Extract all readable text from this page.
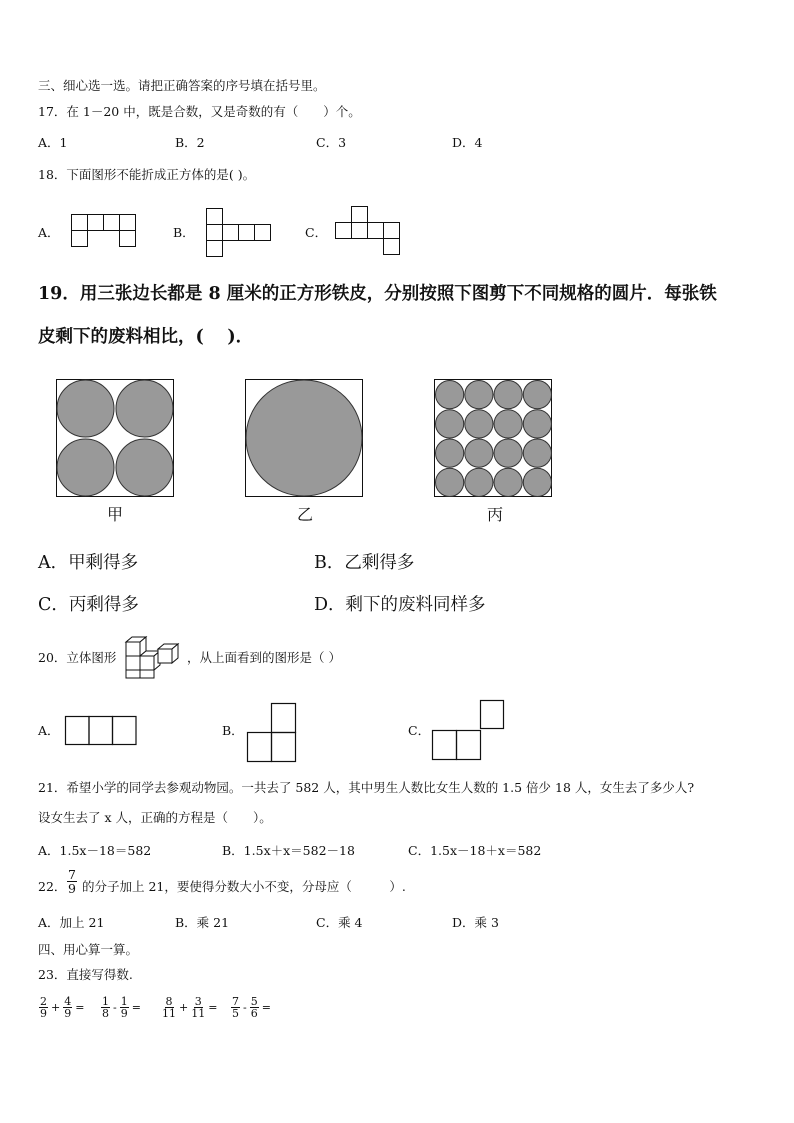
三、细心选一选。请把正确答案的序号填在括号里。
17．在 1－20 中，既是合数，又是奇数的有（　　）个。
A．1	B．2	C．3	D．4
18．下面图形不能折成正方体的是( )。
A．	B．	C．
19．用三张边长都是 8 厘米的正方形铁皮，分别按照下图剪下不同规格的圆片．每张铁
皮剩下的废料相比，(　 )．
甲	乙	丙
A．甲剩得多	B．乙剩得多
C．丙剩得多	D．剩下的废料同样多
20．立体图形	，从上面看到的图形是（ ）
A．	B．	C．
21．希望小学的同学去参观动物园。一共去了 582 人，其中男生人数比女生人数的 1.5 倍少 18 人，女生去了多少人?
设女生去了 x 人，正确的方程是（　　）。
A．1.5x－18＝582	B．1.5x＋x＝582－18	C．1.5x－18＋x＝582
22． $\frac{7}{9}$ 的分子加上 21，要使得分数大小不变，分母应（　　　）.
A．加上 21	B．乘 21	C．乘 4	D．乘 3
四、用心算一算。
23．直接写得数.
$\frac{2}{9} + \frac{4}{9} = \frac{1}{8} - \frac{1}{9} = \frac{8}{11} + \frac{3}{11} = \frac{7}{5} - \frac{5}{6}$ =
